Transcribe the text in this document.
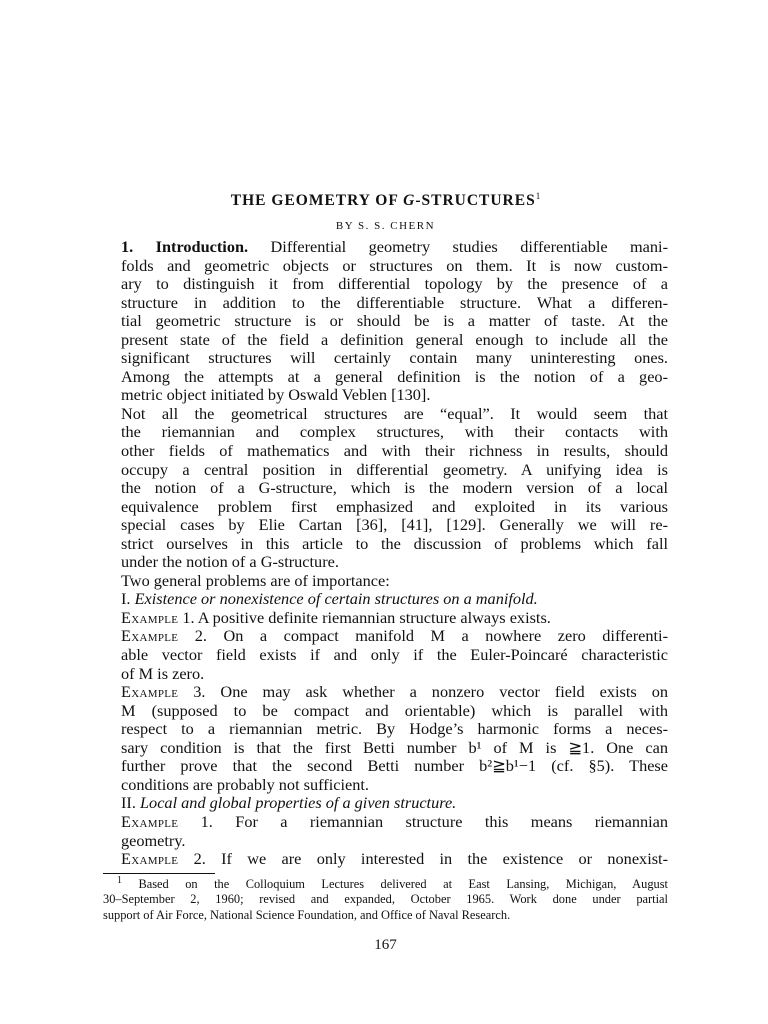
THE GEOMETRY OF G-STRUCTURES$^1$
BY S. S. CHERN

1. Introduction. Differential geometry studies differentiable mani-
folds and geometric objects or structures on them. It is now custom-
ary to distinguish it from differential topology by the presence of a
structure in addition to the differentiable structure. What a differen-
tial geometric structure is or should be is a matter of taste. At the
present state of the field a definition general enough to include all the
significant structures will certainly contain many uninteresting ones.
Among the attempts at a general definition is the notion of a geo-
metric object initiated by Oswald Veblen [130].

Not all the geometrical structures are “equal”. It would seem that
the riemannian and complex structures, with their contacts with
other fields of mathematics and with their richness in results, should
occupy a central position in differential geometry. A unifying idea is
the notion of a G-structure, which is the modern version of a local
equivalence problem first emphasized and exploited in its various
special cases by Elie Cartan [36], [41], [129]. Generally we will re-
strict ourselves in this article to the discussion of problems which fall
under the notion of a G-structure.

Two general problems are of importance:

I. Existence or nonexistence of certain structures on a manifold.

Example 1. A positive definite riemannian structure always exists.

Example 2. On a compact manifold M a nowhere zero differenti-
able vector field exists if and only if the Euler-Poincaré characteristic
of M is zero.

Example 3. One may ask whether a nonzero vector field exists on
M (supposed to be compact and orientable) which is parallel with
respect to a riemannian metric. By Hodge’s harmonic forms a neces-
sary condition is that the first Betti number b¹ of M is ≧1. One can
further prove that the second Betti number b²≧b¹−1 (cf. §5). These
conditions are probably not sufficient.

II. Local and global properties of a given structure.

Example 1. For a riemannian structure this means riemannian
geometry.

Example 2. If we are only interested in the existence or nonexist-

$^1$ Based on the Colloquium Lectures delivered at East Lansing, Michigan, August
30–September 2, 1960; revised and expanded, October 1965. Work done under partial
support of Air Force, National Science Foundation, and Office of Naval Research.
167
